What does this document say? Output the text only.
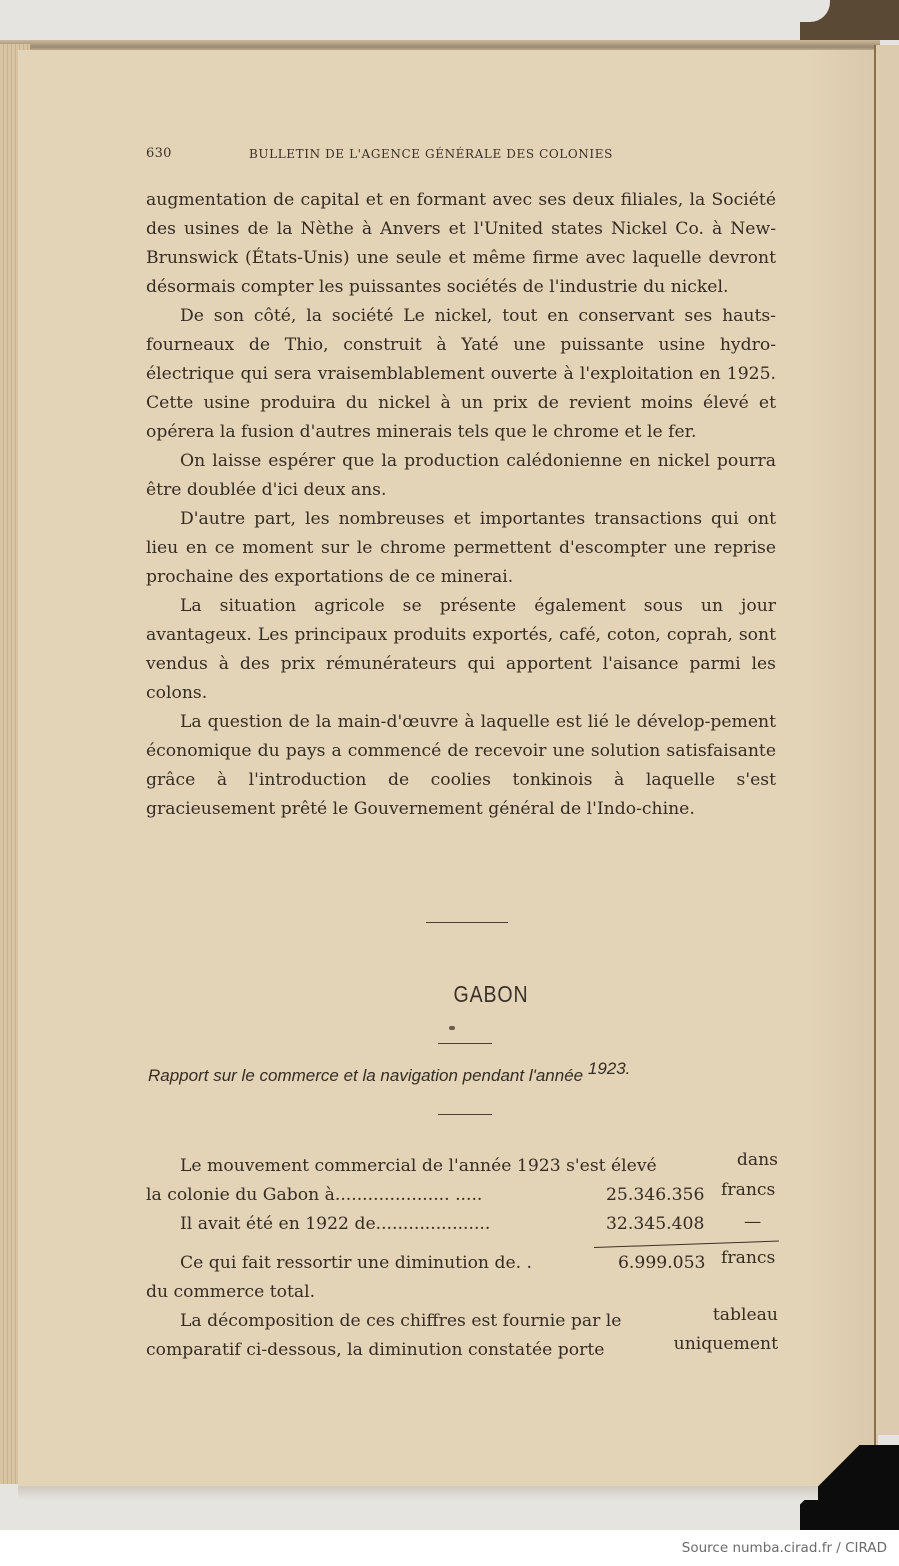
630	BULLETIN DE L'AGENCE GÉNÉRALE DES COLONIES

augmentation de capital et en formant avec ses deux filiales, la Société des usines de la Nèthe à Anvers et l'United states Nickel Co. à New-Brunswick (États-Unis) une seule et même firme avec laquelle devront désormais compter les puissantes sociétés de l'industrie du nickel.

De son côté, la société Le nickel, tout en conservant ses hauts-fourneaux de Thio, construit à Yaté une puissante usine hydro-électrique qui sera vraisemblablement ouverte à l'exploitation en 1925. Cette usine produira du nickel à un prix de revient moins élevé et opérera la fusion d'autres minerais tels que le chrome et le fer.

On laisse espérer que la production calédonienne en nickel pourra être doublée d'ici deux ans.

D'autre part, les nombreuses et importantes transactions qui ont lieu en ce moment sur le chrome permettent d'escompter une reprise prochaine des exportations de ce minerai.

La situation agricole se présente également sous un jour avantageux. Les principaux produits exportés, café, coton, coprah, sont vendus à des prix rémunérateurs qui apportent l'aisance parmi les colons.

La question de la main-d'œuvre à laquelle est lié le dévelop-pement économique du pays a commencé de recevoir une solution satisfaisante grâce à l'introduction de coolies tonkinois à laquelle s'est gracieusement prêté le Gouvernement général de l'Indo-chine.

GABON
Rapport sur le commerce et la navigation pendant l'année 1923.
Le mouvement commercial de l'année 1923 s'est élevé	dans
la colonie du Gabon à..................... .....	25.346.356 francs
Il avait été en 1922 de.....................	32.345.408 —
Ce qui fait ressortir une diminution de. .	6.999.053 francs
du commerce total.
La décomposition de ces chiffres est fournie par le	tableau
comparatif ci-dessous, la diminution constatée porte	uniquement
Source numba.cirad.fr / CIRAD
